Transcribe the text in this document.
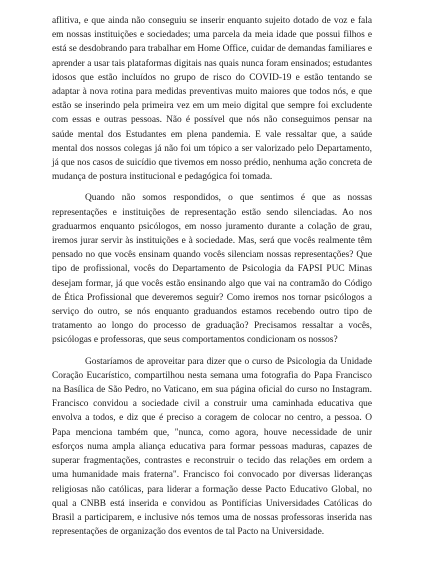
aflitiva, e que ainda não conseguiu se inserir enquanto sujeito dotado de voz e fala em nossas instituições e sociedades; uma parcela da meia idade que possui filhos e está se desdobrando para trabalhar em Home Office, cuidar de demandas familiares e aprender a usar tais plataformas digitais nas quais nunca foram ensinados; estudantes idosos que estão incluídos no grupo de risco do COVID-19 e estão tentando se adaptar à nova rotina para medidas preventivas muito maiores que todos nós, e que estão se inserindo pela primeira vez em um meio digital que sempre foi excludente com essas e outras pessoas. Não é possível que nós não conseguimos pensar na saúde mental dos Estudantes em plena pandemia. E vale ressaltar que, a saúde mental dos nossos colegas já não foi um tópico a ser valorizado pelo Departamento, já que nos casos de suicídio que tivemos em nosso prédio, nenhuma ação concreta de mudança de postura institucional e pedagógica foi tomada.

Quando não somos respondidos, o que sentimos é que as nossas representações e instituições de representação estão sendo silenciadas. Ao nos graduarmos enquanto psicólogos, em nosso juramento durante a colação de grau, iremos jurar servir às instituições e à sociedade. Mas, será que vocês realmente têm pensado no que vocês ensinam quando vocês silenciam nossas representações? Que tipo de profissional, vocês do Departamento de Psicologia da FAPSI PUC Minas desejam formar, já que vocês estão ensinando algo que vai na contramão do Código de Ética Profissional que deveremos seguir? Como iremos nos tornar psicólogos a serviço do outro, se nós enquanto graduandos estamos recebendo outro tipo de tratamento ao longo do processo de graduação? Precisamos ressaltar a vocês, psicólogas e professoras, que seus comportamentos condicionam os nossos?

Gostaríamos de aproveitar para dizer que o curso de Psicologia da Unidade Coração Eucarístico, compartilhou nesta semana uma fotografia do Papa Francisco na Basílica de São Pedro, no Vaticano, em sua página oficial do curso no Instagram. Francisco convidou a sociedade civil a construir uma caminhada educativa que envolva a todos, e diz que é preciso a coragem de colocar no centro, a pessoa. O Papa menciona também que, "nunca, como agora, houve necessidade de unir esforços numa ampla aliança educativa para formar pessoas maduras, capazes de superar fragmentações, contrastes e reconstruir o tecido das relações em ordem a uma humanidade mais fraterna". Francisco foi convocado por diversas lideranças religiosas não católicas, para liderar a formação desse Pacto Educativo Global, no qual a CNBB está inserida e convidou as Pontifícias Universidades Católicas do Brasil a participarem, e inclusive nós temos uma de nossas professoras inserida nas representações de organização dos eventos de tal Pacto na Universidade.
